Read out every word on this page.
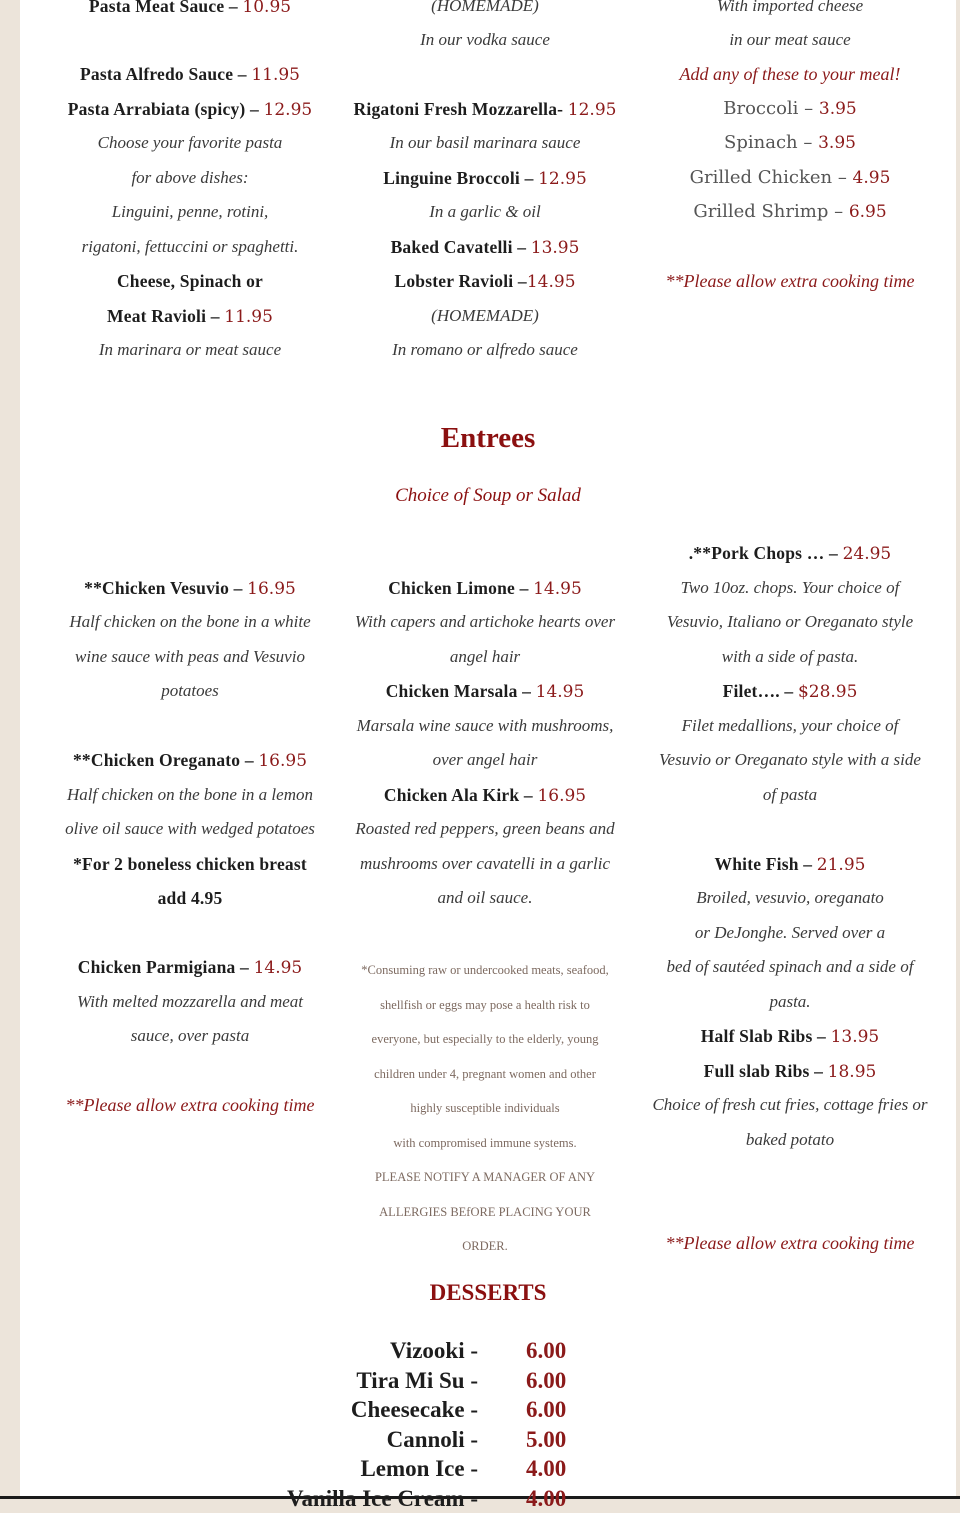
Pasta Meat Sauce – 10.95
Pasta Alfredo Sauce – 11.95
Pasta Arrabiata (spicy) – 12.95
Choose your favorite pasta
for above dishes:
Linguini, penne, rotini,
rigatoni, fettuccini or spaghetti.
Cheese, Spinach or
Meat Ravioli – 11.95
In marinara or meat sauce
(HOMEMADE)
In our vodka sauce
Rigatoni Fresh Mozzarella- 12.95
In our basil marinara sauce
Linguine Broccoli – 12.95
In a garlic & oil
Baked Cavatelli – 13.95
Lobster Ravioli –14.95
(HOMEMADE)
In romano or alfredo sauce
With imported cheese
in our meat sauce
Add any of these to your meal!
Broccoli – 3.95
Spinach – 3.95
Grilled Chicken – 4.95
Grilled Shrimp – 6.95
**Please allow extra cooking time
Entrees
Choice of Soup or Salad
**Chicken Vesuvio – 16.95
Half chicken on the bone in a white
wine sauce with peas and Vesuvio
potatoes
**Chicken Oreganato – 16.95
Half chicken on the bone in a lemon
olive oil sauce with wedged potatoes
*For 2 boneless chicken breast
add 4.95
Chicken Parmigiana – 14.95
With melted mozzarella and meat
sauce, over pasta
**Please allow extra cooking time
Chicken Limone – 14.95
With capers and artichoke hearts over
angel hair
Chicken Marsala – 14.95
Marsala wine sauce with mushrooms,
over angel hair
Chicken Ala Kirk – 16.95
Roasted red peppers, green beans and
mushrooms over cavatelli in a garlic
and oil sauce.
*Consuming raw or undercooked meats, seafood,
shellfish or eggs may pose a health risk to
everyone, but especially to the elderly, young
children under 4, pregnant women and other
highly susceptible individuals
with compromised immune systems.
PLEASE NOTIFY A MANAGER OF ANY
ALLERGIES BEfORE PLACING YOUR
ORDER.
.**Pork Chops … – 24.95
Two 10oz. chops. Your choice of
Vesuvio, Italiano or Oreganato style
with a side of pasta.
Filet…. – $28.95
Filet medallions, your choice of
Vesuvio or Oreganato style with a side
of pasta
White Fish – 21.95
Broiled, vesuvio, oreganato
or DeJonghe. Served over a
bed of sautéed spinach and a side of
pasta.
Half Slab Ribs – 13.95
Full slab Ribs – 18.95
Choice of fresh cut fries, cottage fries or
baked potato
**Please allow extra cooking time
DESSERTS
Vizooki - 6.00
Tira Mi Su - 6.00
Cheesecake - 6.00
Cannoli - 5.00
Lemon Ice - 4.00
Vanilla Ice Cream - 4.00
